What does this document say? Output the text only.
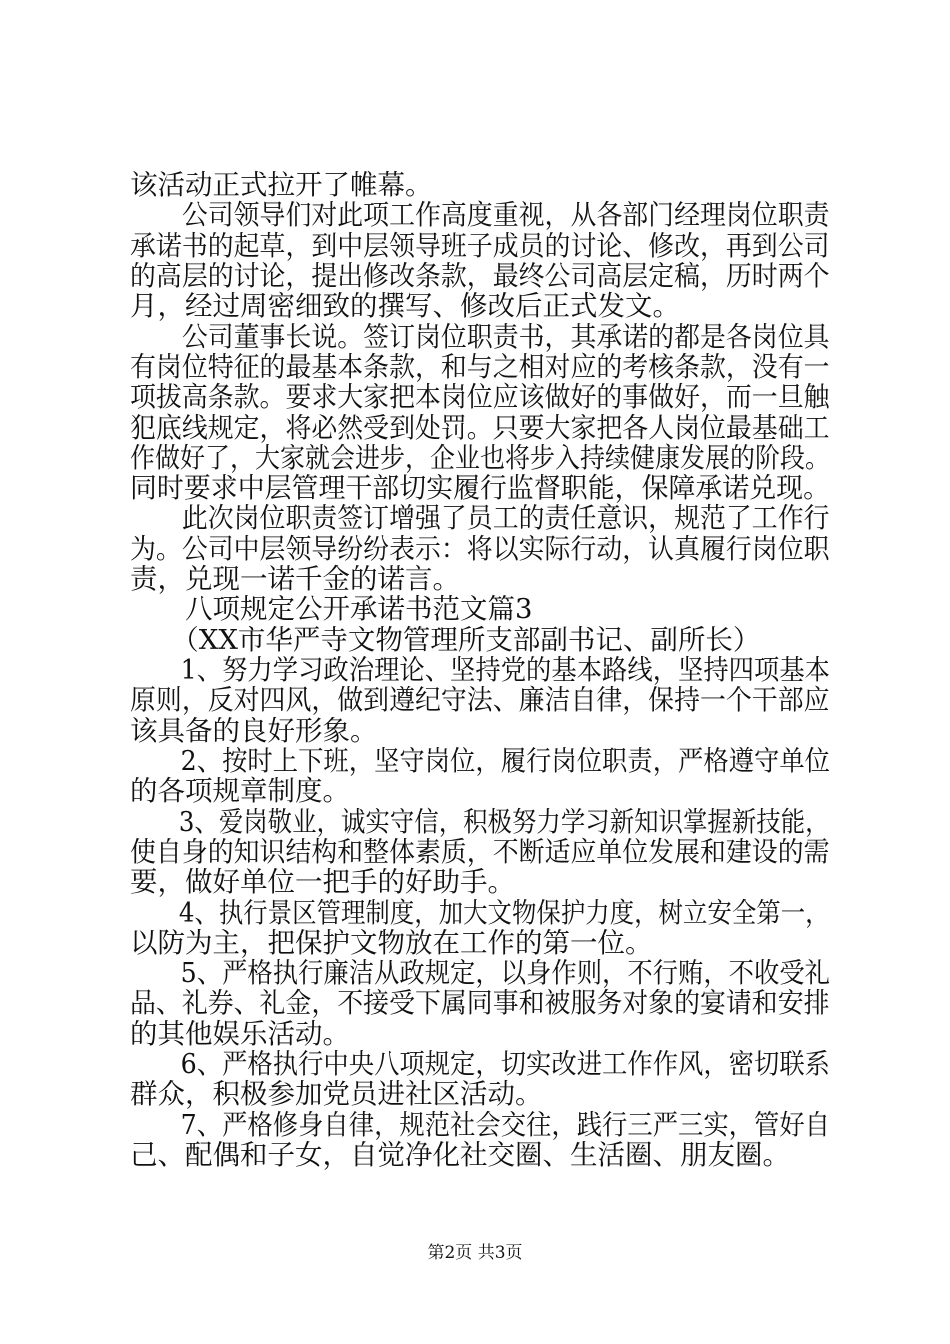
该活动正式拉开了帷幕。
　　公司领导们对此项工作高度重视，从各部门经理岗位职责
承诺书的起草，到中层领导班子成员的讨论、修改，再到公司
的高层的讨论，提出修改条款，最终公司高层定稿，历时两个
月，经过周密细致的撰写、修改后正式发文。
　　公司董事长说。签订岗位职责书，其承诺的都是各岗位具
有岗位特征的最基本条款，和与之相对应的考核条款，没有一
项拔高条款。要求大家把本岗位应该做好的事做好，而一旦触
犯底线规定，将必然受到处罚。只要大家把各人岗位最基础工
作做好了，大家就会进步，企业也将步入持续健康发展的阶段。
同时要求中层管理干部切实履行监督职能，保障承诺兑现。
　　此次岗位职责签订增强了员工的责任意识，规范了工作行
为。公司中层领导纷纷表示：将以实际行动，认真履行岗位职
责，兑现一诺千金的诺言。
　　八项规定公开承诺书范文篇3
　　（XX市华严寺文物管理所支部副书记、副所长）
　　1、努力学习政治理论、坚持党的基本路线，坚持四项基本
原则，反对四风，做到遵纪守法、廉洁自律，保持一个干部应
该具备的良好形象。
　　2、按时上下班，坚守岗位，履行岗位职责，严格遵守单位
的各项规章制度。
　　3、爱岗敬业，诚实守信，积极努力学习新知识掌握新技能，
使自身的知识结构和整体素质，不断适应单位发展和建设的需
要，做好单位一把手的好助手。
　　4、执行景区管理制度，加大文物保护力度，树立安全第一，
以防为主，把保护文物放在工作的第一位。
　　5、严格执行廉洁从政规定，以身作则，不行贿，不收受礼
品、礼券、礼金，不接受下属同事和被服务对象的宴请和安排
的其他娱乐活动。
　　6、严格执行中央八项规定，切实改进工作作风，密切联系
群众，积极参加党员进社区活动。
　　7、严格修身自律，规范社会交往，践行三严三实，管好自
己、配偶和子女，自觉净化社交圈、生活圈、朋友圈。
第2页 共3页
